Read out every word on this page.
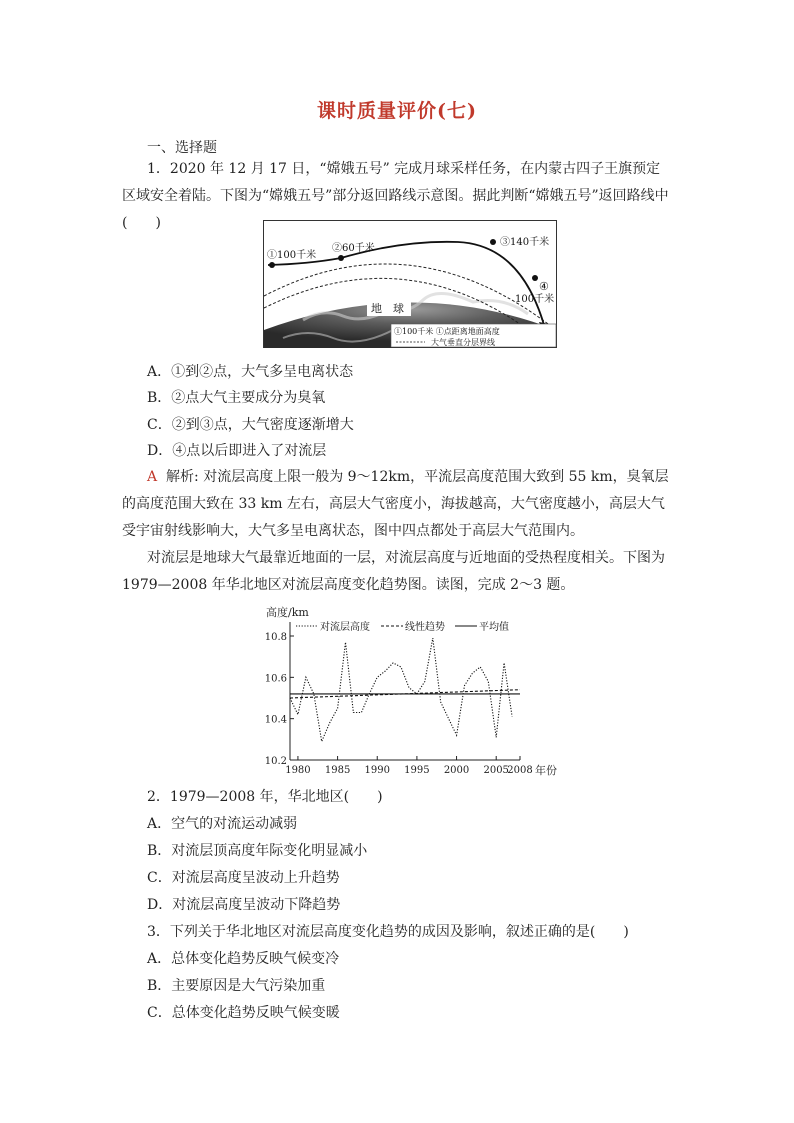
课时质量评价(七)
一、选择题
1．2020 年 12 月 17 日，“嫦娥五号” 完成月球采样任务，在内蒙古四子王旗预定区域安全着陆。下图为“嫦娥五号”部分返回路线示意图。据此判断“嫦娥五号”返回路线中(　　)
①100千米
②60千米
③140千米
④
100千米
地　球
①100千米 ①点距离地面高度
大气垂直分层界线
A．①到②点，大气多呈电离状态
B．②点大气主要成分为臭氧
C．②到③点，大气密度逐渐增大
D．④点以后即进入了对流层
A 解析: 对流层高度上限一般为 9～12km，平流层高度范围大致到 55 km，臭氧层的高度范围大致在 33 km 左右，高层大气密度小，海拔越高，大气密度越小，高层大气受宇宙射线影响大，大气多呈电离状态，图中四点都处于高层大气范围内。
对流层是地球大气最靠近地面的一层，对流层高度与近地面的受热程度相关。下图为 1979—2008 年华北地区对流层高度变化趋势图。读图，完成 2～3 题。
高度/km
年份
10.2
10.4
10.6
10.8
1980 1985 1990 1995 2000 2005
2008
对流层高度	线性趋势	平均值
2．1979—2008 年，华北地区(　　)
A．空气的对流运动减弱
B．对流层顶高度年际变化明显减小
C．对流层高度呈波动上升趋势
D．对流层高度呈波动下降趋势
3．下列关于华北地区对流层高度变化趋势的成因及影响，叙述正确的是(　　)
A．总体变化趋势反映气候变冷
B．主要原因是大气污染加重
C．总体变化趋势反映气候变暖
